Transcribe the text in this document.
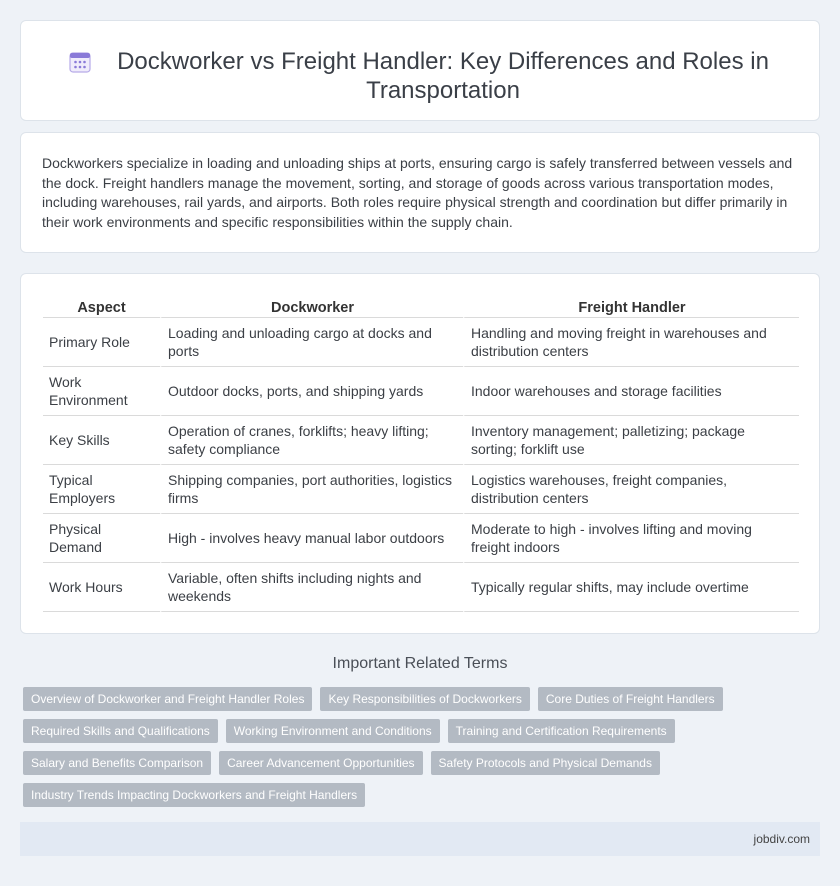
Dockworker vs Freight Handler: Key Differences and Roles in Transportation

Dockworkers specialize in loading and unloading ships at ports, ensuring cargo is safely transferred between vessels and the dock. Freight handlers manage the movement, sorting, and storage of goods across various transportation modes, including warehouses, rail yards, and airports. Both roles require physical strength and coordination but differ primarily in their work environments and specific responsibilities within the supply chain.

Aspect	Dockworker	Freight Handler
Primary Role	Loading and unloading cargo at docks and ports	Handling and moving freight in warehouses and distribution centers
Work Environment	Outdoor docks, ports, and shipping yards	Indoor warehouses and storage facilities
Key Skills	Operation of cranes, forklifts; heavy lifting; safety compliance	Inventory management; palletizing; package sorting; forklift use
Typical Employers	Shipping companies, port authorities, logistics firms	Logistics warehouses, freight companies, distribution centers
Physical Demand	High - involves heavy manual labor outdoors	Moderate to high - involves lifting and moving freight indoors
Work Hours	Variable, often shifts including nights and weekends	Typically regular shifts, may include overtime
Important Related Terms
Overview of Dockworker and Freight Handler Roles	Key Responsibilities of Dockworkers	Core Duties of Freight Handlers
Required Skills and Qualifications	Working Environment and Conditions	Training and Certification Requirements
Salary and Benefits Comparison	Career Advancement Opportunities	Safety Protocols and Physical Demands
Industry Trends Impacting Dockworkers and Freight Handlers
jobdiv.com
